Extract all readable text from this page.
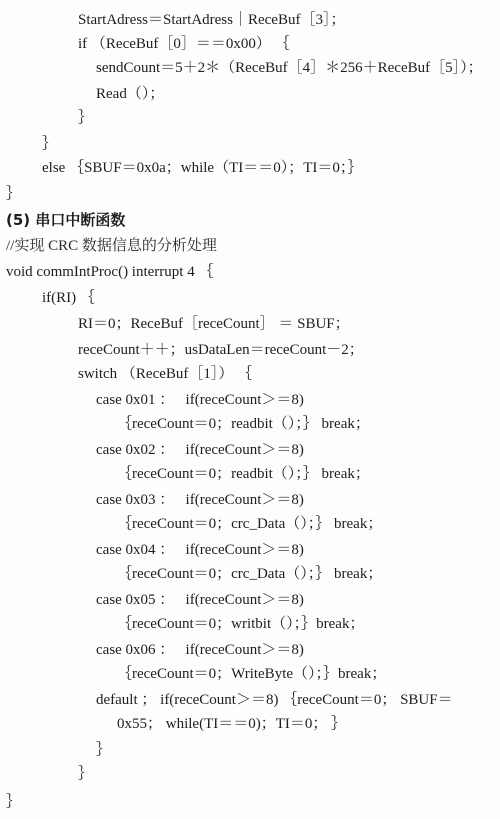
StartAdress＝StartAdress｜ReceBuf［3］；
if （ReceBuf［0］＝＝0x00） ｛
sendCount＝5＋2＊（ReceBuf［4］＊256＋ReceBuf［5］）；
Read（）；
｝
｝
else ｛SBUF＝0x0a；while（TI＝＝0）；TI＝0；｝
｝
(5) 串口中断函数
//实现 CRC 数据信息的分析处理
void commIntProc() interrupt 4 ｛
if(RI) ｛
RI＝0；ReceBuf［receCount］ ＝ SBUF；
receCount＋＋；usDataLen＝receCount－2；
switch （ReceBuf［1］） ｛
case 0x01 ：   if(receCount＞＝8)
｛receCount＝0；readbit（）；｝ break；
case 0x02 ：   if(receCount＞＝8)
｛receCount＝0；readbit（）；｝ break；
case 0x03 ：   if(receCount＞＝8)
｛receCount＝0；crc_Data（）；｝ break；
case 0x04 ：   if(receCount＞＝8)
｛receCount＝0；crc_Data（）；｝ break；
case 0x05 ：   if(receCount＞＝8)
｛receCount＝0；writbit（）；｝break；
case 0x06 ：   if(receCount＞＝8)
｛receCount＝0；WriteByte（）；｝break；
default ； if(receCount＞＝8) ｛receCount＝0； SBUF＝
0x55； while(TI＝＝0)；TI＝0； ｝
｝
｝
｝
